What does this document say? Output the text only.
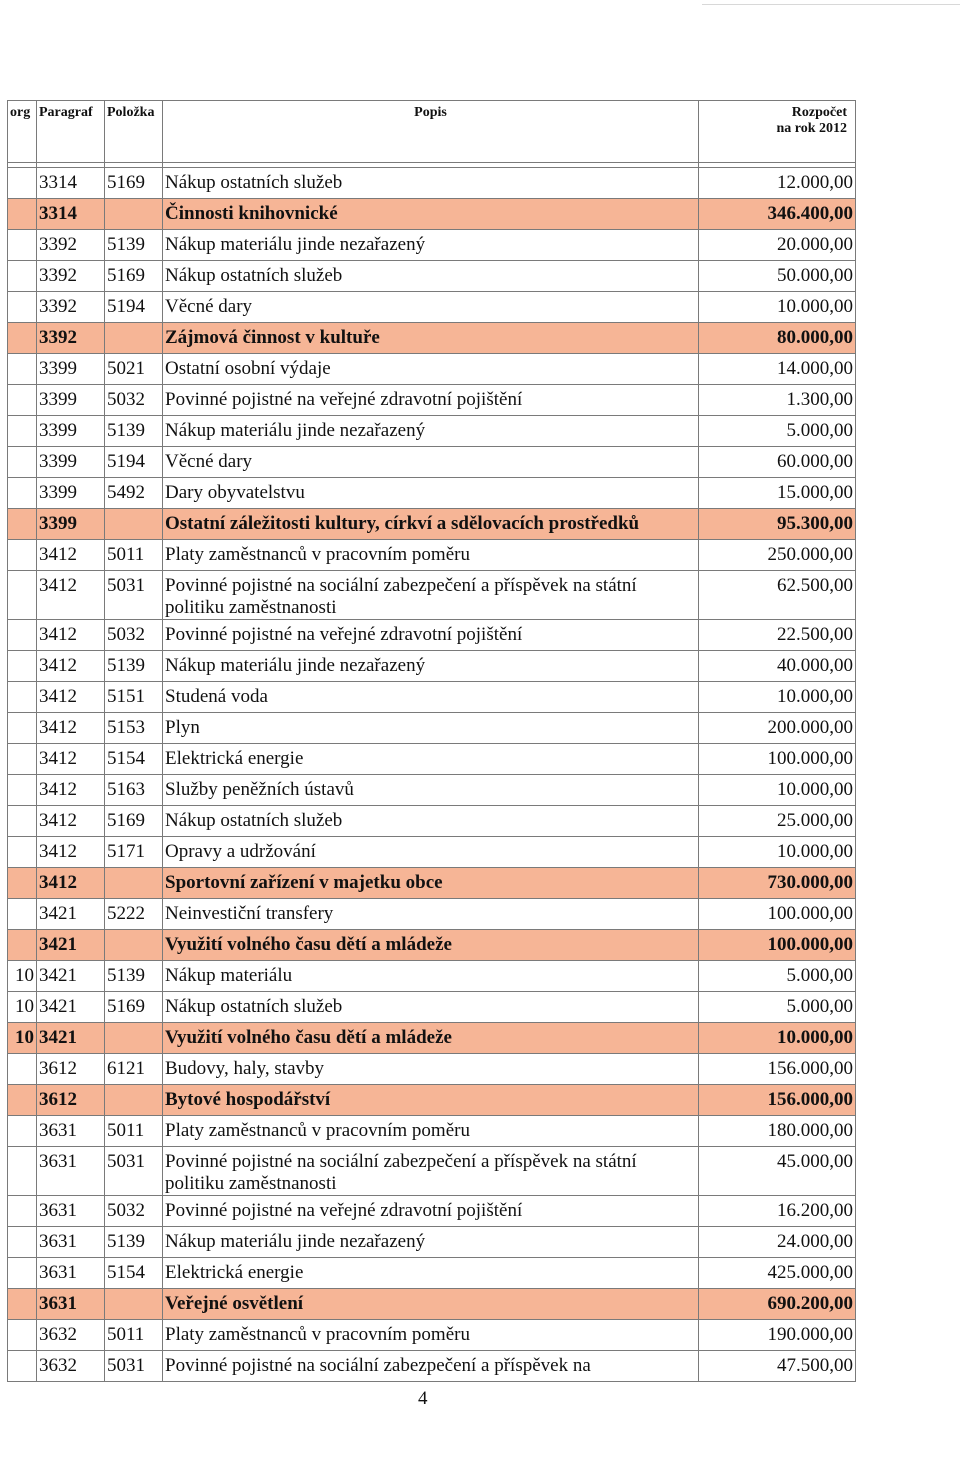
org	Paragraf	Položka	Popis	Rozpočet
na rok 2012

	3314	5169	Nákup ostatních služeb	12.000,00
	3314		Činnosti knihovnické	346.400,00
	3392	5139	Nákup materiálu jinde nezařazený	20.000,00
	3392	5169	Nákup ostatních služeb	50.000,00
	3392	5194	Věcné dary	10.000,00
	3392		Zájmová činnost v kultuře	80.000,00
	3399	5021	Ostatní osobní výdaje	14.000,00
	3399	5032	Povinné pojistné na veřejné zdravotní pojištění	1.300,00
	3399	5139	Nákup materiálu jinde nezařazený	5.000,00
	3399	5194	Věcné dary	60.000,00
	3399	5492	Dary obyvatelstvu	15.000,00
	3399		Ostatní záležitosti kultury, církví a sdělovacích prostředků	95.300,00
	3412	5011	Platy zaměstnanců v pracovním poměru	250.000,00
	3412	5031	Povinné pojistné na sociální zabezpečení a příspěvek na státní politiku zaměstnanosti	62.500,00
	3412	5032	Povinné pojistné na veřejné zdravotní pojištění	22.500,00
	3412	5139	Nákup materiálu jinde nezařazený	40.000,00
	3412	5151	Studená voda	10.000,00
	3412	5153	Plyn	200.000,00
	3412	5154	Elektrická energie	100.000,00
	3412	5163	Služby peněžních ústavů	10.000,00
	3412	5169	Nákup ostatních služeb	25.000,00
	3412	5171	Opravy a udržování	10.000,00
	3412		Sportovní zařízení v majetku obce	730.000,00
	3421	5222	Neinvestiční transfery	100.000,00
	3421		Využití volného času dětí a mládeže	100.000,00
10	3421	5139	Nákup materiálu	5.000,00
10	3421	5169	Nákup ostatních služeb	5.000,00
10	3421		Využití volného času dětí a mládeže	10.000,00
	3612	6121	Budovy, haly, stavby	156.000,00
	3612		Bytové hospodářství	156.000,00
	3631	5011	Platy zaměstnanců v pracovním poměru	180.000,00
	3631	5031	Povinné pojistné na sociální zabezpečení a příspěvek na státní politiku zaměstnanosti	45.000,00
	3631	5032	Povinné pojistné na veřejné zdravotní pojištění	16.200,00
	3631	5139	Nákup materiálu jinde nezařazený	24.000,00
	3631	5154	Elektrická energie	425.000,00
	3631		Veřejné osvětlení	690.200,00
	3632	5011	Platy zaměstnanců v pracovním poměru	190.000,00
	3632	5031	Povinné pojistné na sociální zabezpečení a příspěvek na	47.500,00
4
